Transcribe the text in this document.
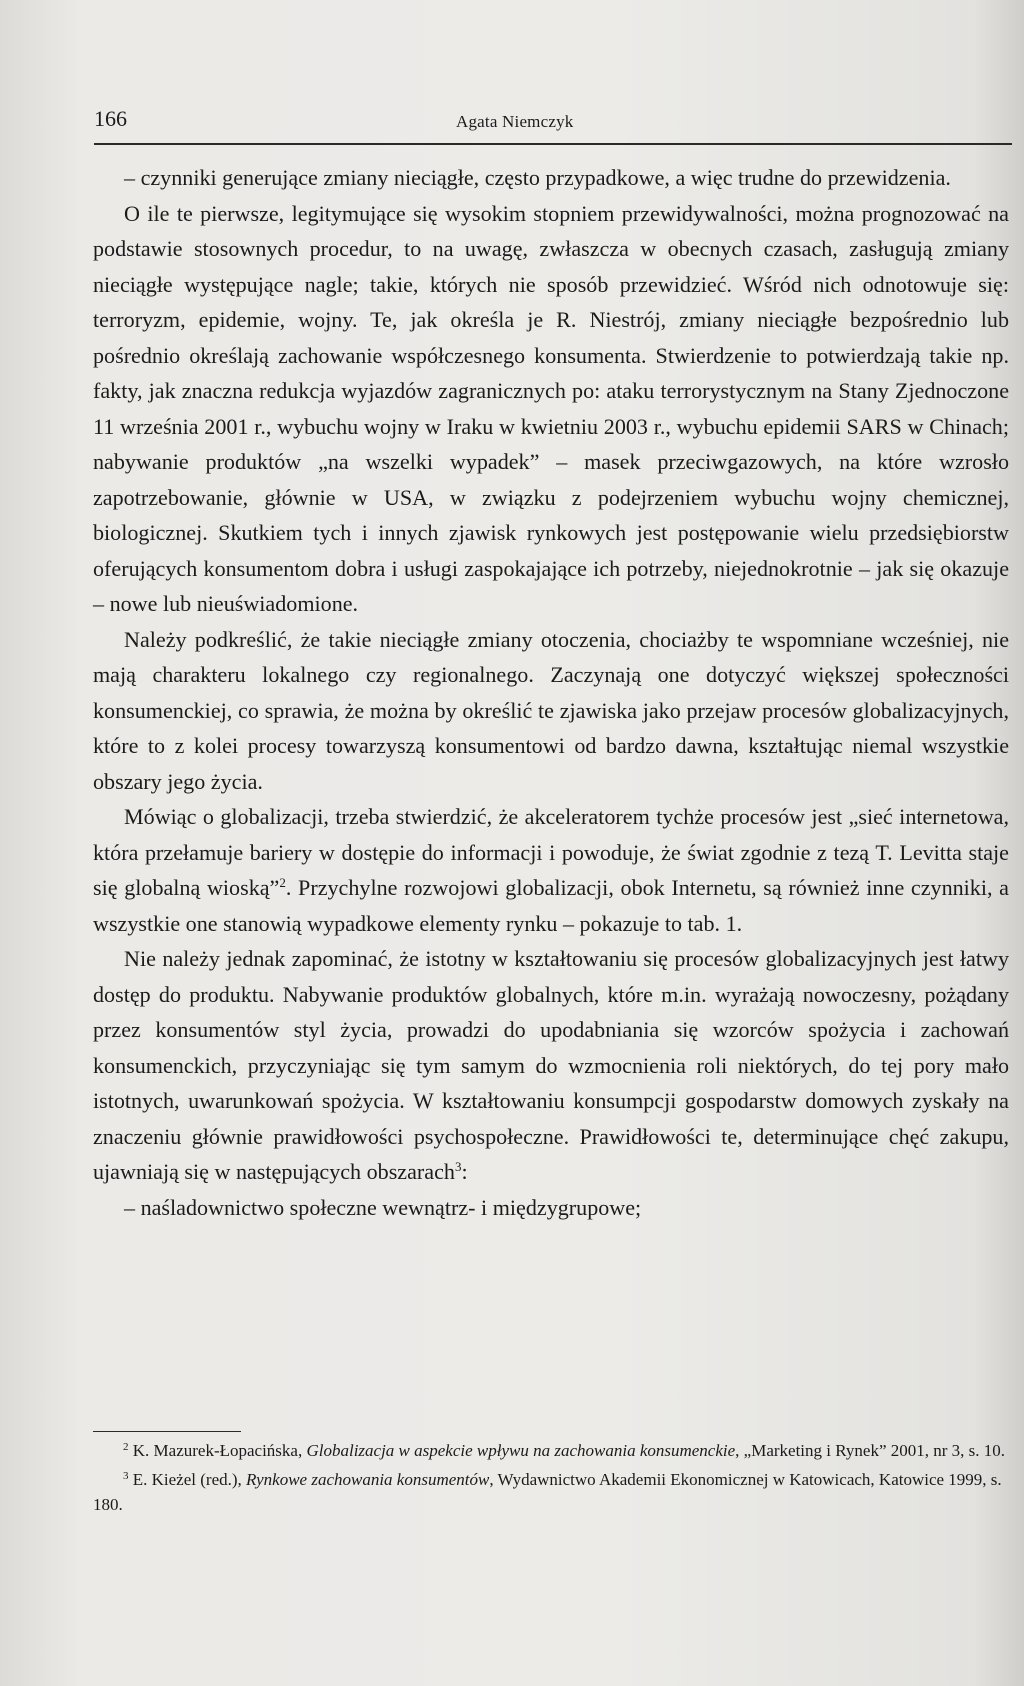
166	Agata Niemczyk

– czynniki generujące zmiany nieciągłe, często przypadkowe, a więc trudne do przewidzenia.

O ile te pierwsze, legitymujące się wysokim stopniem przewidywalności, można prognozować na podstawie stosownych procedur, to na uwagę, zwłaszcza w obecnych czasach, zasługują zmiany nieciągłe występujące nagle; takie, których nie sposób przewidzieć. Wśród nich odnotowuje się: terroryzm, epidemie, wojny. Te, jak określa je R. Niestrój, zmiany nieciągłe bezpośrednio lub pośrednio określają zachowanie współczesnego konsumenta. Stwierdzenie to potwierdzają takie np. fakty, jak znaczna redukcja wyjazdów zagranicznych po: ataku terrorystycznym na Stany Zjednoczone 11 września 2001 r., wybuchu wojny w Iraku w kwietniu 2003 r., wybuchu epidemii SARS w Chinach; nabywanie produktów „na wszelki wypadek” – masek przeciwgazowych, na które wzrosło zapotrzebowanie, głównie w USA, w związku z podejrzeniem wybuchu wojny chemicznej, biologicznej. Skutkiem tych i innych zjawisk rynkowych jest postępowanie wielu przedsiębiorstw oferujących konsumentom dobra i usługi zaspokajające ich potrzeby, niejednokrotnie – jak się okazuje – nowe lub nieuświadomione.

Należy podkreślić, że takie nieciągłe zmiany otoczenia, chociażby te wspomniane wcześniej, nie mają charakteru lokalnego czy regionalnego. Zaczynają one dotyczyć większej społeczności konsumenckiej, co sprawia, że można by określić te zjawiska jako przejaw procesów globalizacyjnych, które to z kolei procesy towarzyszą konsumentowi od bardzo dawna, kształtując niemal wszystkie obszary jego życia.

Mówiąc o globalizacji, trzeba stwierdzić, że akceleratorem tychże procesów jest „sieć internetowa, która przełamuje bariery w dostępie do informacji i powoduje, że świat zgodnie z tezą T. Levitta staje się globalną wioską”$^2$. Przychylne rozwojowi globalizacji, obok Internetu, są również inne czynniki, a wszystkie one stanowią wypadkowe elementy rynku – pokazuje to tab. 1.

Nie należy jednak zapominać, że istotny w kształtowaniu się procesów globalizacyjnych jest łatwy dostęp do produktu. Nabywanie produktów globalnych, które m.in. wyrażają nowoczesny, pożądany przez konsumentów styl życia, prowadzi do upodabniania się wzorców spożycia i zachowań konsumenckich, przyczyniając się tym samym do wzmocnienia roli niektórych, do tej pory mało istotnych, uwarunkowań spożycia. W kształtowaniu konsumpcji gospodarstw domowych zyskały na znaczeniu głównie prawidłowości psychospołeczne. Prawidłowości te, determinujące chęć zakupu, ujawniają się w następujących obszarach$^3$:

– naśladownictwo społeczne wewnątrz- i międzygrupowe;

$^2$ K. Mazurek-Łopacińska, Globalizacja w aspekcie wpływu na zachowania konsumenckie, „Marketing i Rynek” 2001, nr 3, s. 10.

$^3$ E. Kieżel (red.), Rynkowe zachowania konsumentów, Wydawnictwo Akademii Ekonomicznej w Katowicach, Katowice 1999, s. 180.
